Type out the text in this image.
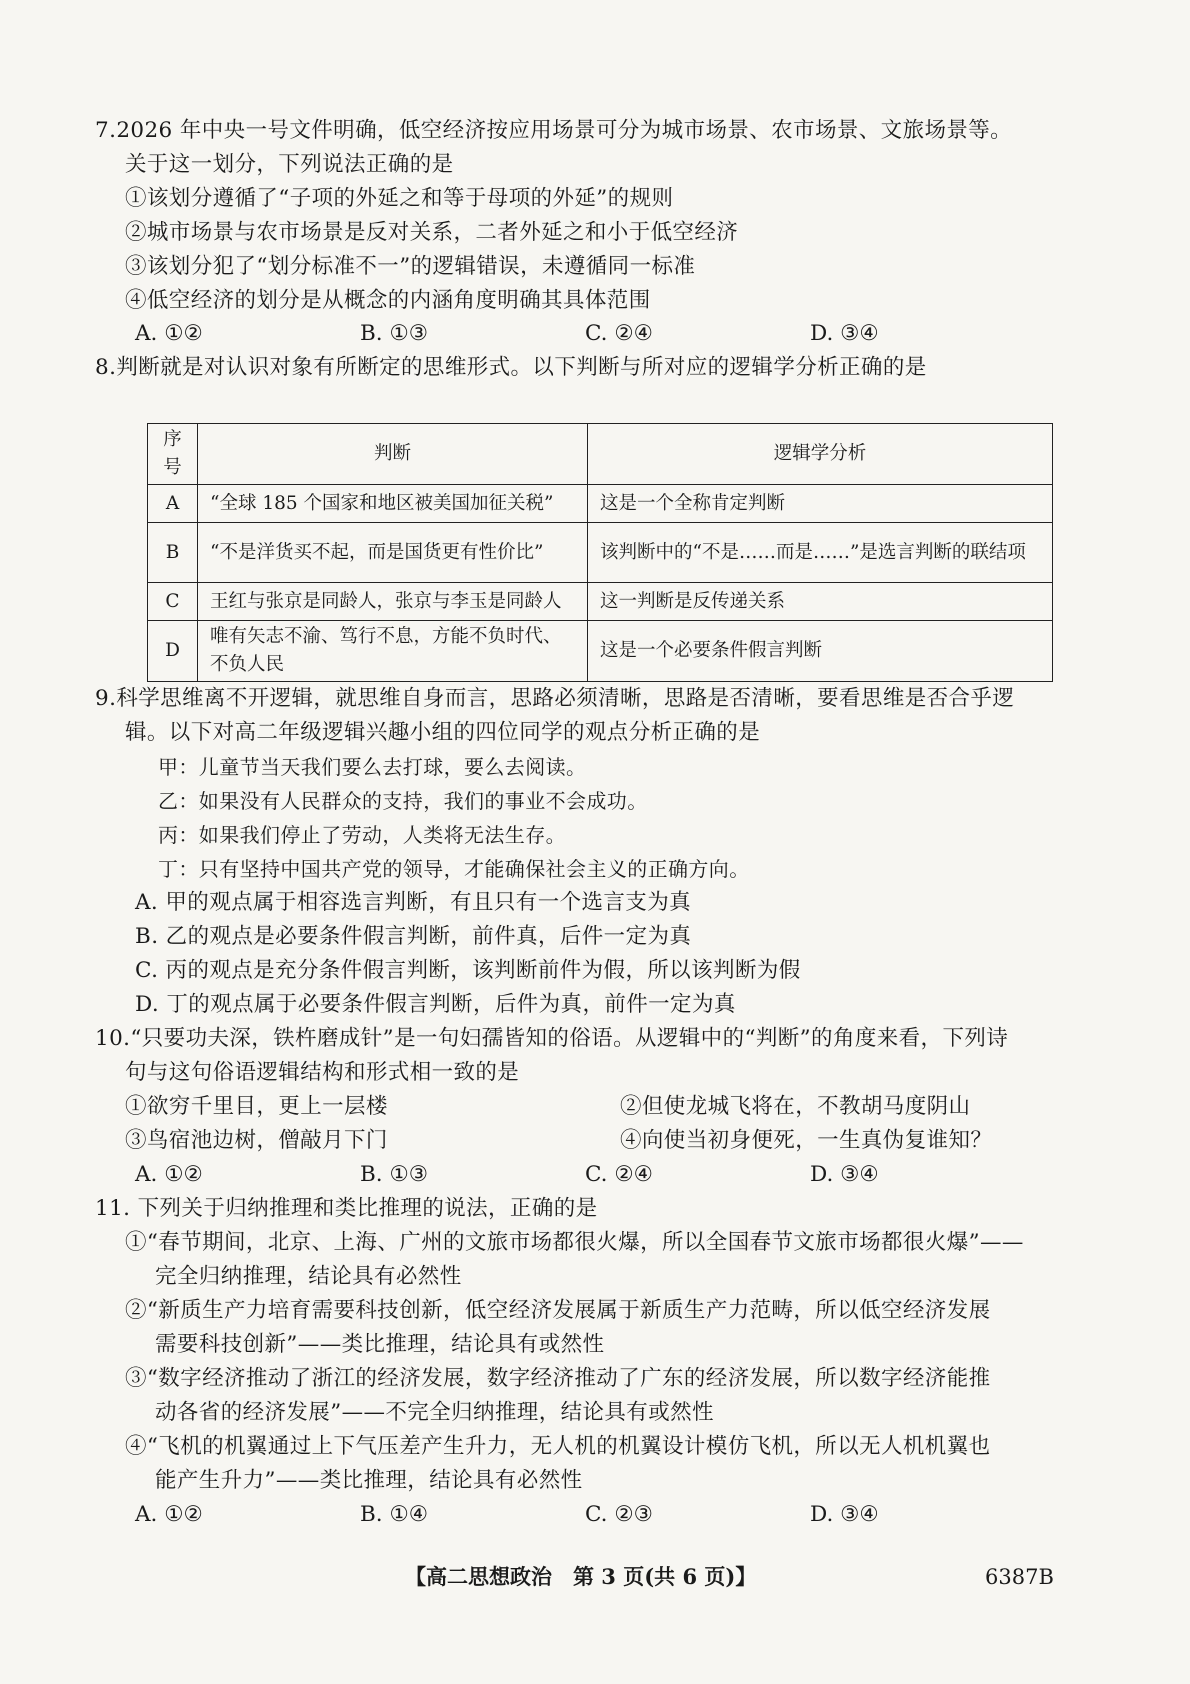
7.2026 年中央一号文件明确，低空经济按应用场景可分为城市场景、农市场景、文旅场景等。
关于这一划分，下列说法正确的是
①该划分遵循了“子项的外延之和等于母项的外延”的规则
②城市场景与农市场景是反对关系，二者外延之和小于低空经济
③该划分犯了“划分标准不一”的逻辑错误，未遵循同一标准
④低空经济的划分是从概念的内涵角度明确其具体范围
A. ①②	B. ①③	C. ②④	D. ③④
8.判断就是对认识对象有所断定的思维形式。以下判断与所对应的逻辑学分析正确的是
序号	判断	逻辑学分析
A	“全球 185 个国家和地区被美国加征关税”	这是一个全称肯定判断
B	“不是洋货买不起，而是国货更有性价比”	该判断中的“不是……而是……”是选言判断的联结项
C	王红与张京是同龄人，张京与李玉是同龄人	这一判断是反传递关系
D	唯有矢志不渝、笃行不息，方能不负时代、不负人民	这是一个必要条件假言判断
9.科学思维离不开逻辑，就思维自身而言，思路必须清晰，思路是否清晰，要看思维是否合乎逻
辑。以下对高二年级逻辑兴趣小组的四位同学的观点分析正确的是
甲：儿童节当天我们要么去打球，要么去阅读。
乙：如果没有人民群众的支持，我们的事业不会成功。
丙：如果我们停止了劳动，人类将无法生存。
丁：只有坚持中国共产党的领导，才能确保社会主义的正确方向。
A. 甲的观点属于相容选言判断，有且只有一个选言支为真
B. 乙的观点是必要条件假言判断，前件真，后件一定为真
C. 丙的观点是充分条件假言判断，该判断前件为假，所以该判断为假
D. 丁的观点属于必要条件假言判断，后件为真，前件一定为真
10.“只要功夫深，铁杵磨成针”是一句妇孺皆知的俗语。从逻辑中的“判断”的角度来看，下列诗
句与这句俗语逻辑结构和形式相一致的是
①欲穷千里目，更上一层楼	②但使龙城飞将在，不教胡马度阴山
③鸟宿池边树，僧敲月下门	④向使当初身便死，一生真伪复谁知？
A. ①②	B. ①③	C. ②④	D. ③④
11. 下列关于归纳推理和类比推理的说法，正确的是
①“春节期间，北京、上海、广州的文旅市场都很火爆，所以全国春节文旅市场都很火爆”——
完全归纳推理，结论具有必然性
②“新质生产力培育需要科技创新，低空经济发展属于新质生产力范畴，所以低空经济发展
需要科技创新”——类比推理，结论具有或然性
③“数字经济推动了浙江的经济发展，数字经济推动了广东的经济发展，所以数字经济能推
动各省的经济发展”——不完全归纳推理，结论具有或然性
④“飞机的机翼通过上下气压差产生升力，无人机的机翼设计模仿飞机，所以无人机机翼也
能产生升力”——类比推理，结论具有必然性
A. ①②	B. ①④	C. ②③	D. ③④
【高二思想政治　第 3 页(共 6 页)】	6387B
